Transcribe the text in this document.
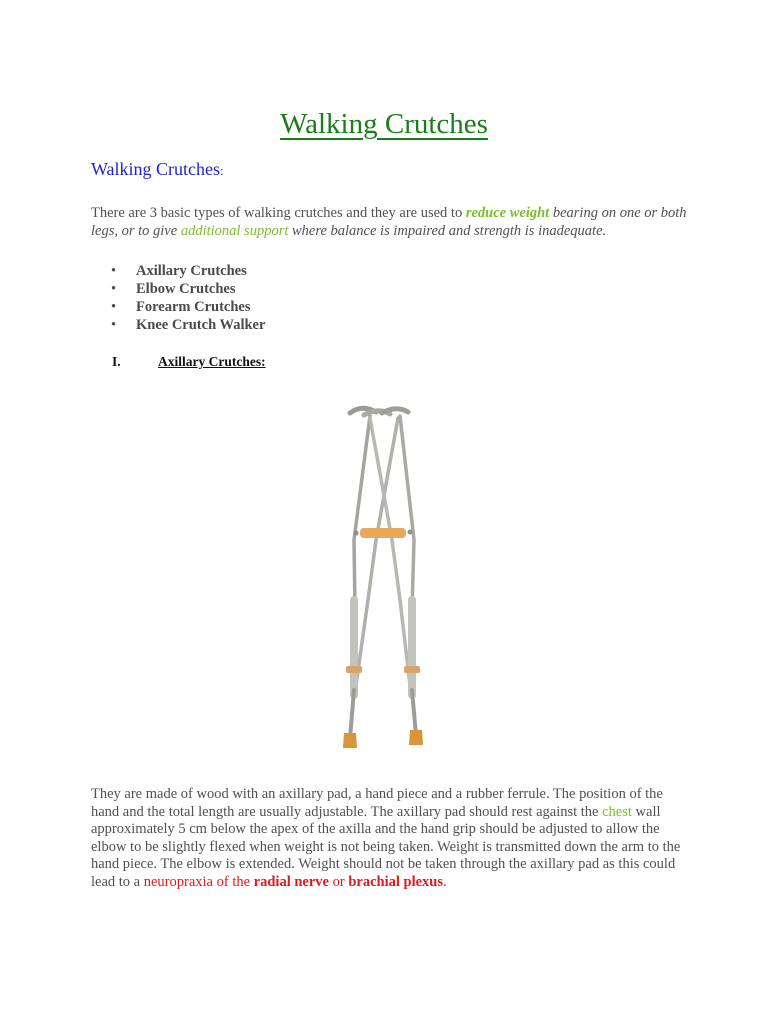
Walking Crutches
Walking Crutches:
There are 3 basic types of walking crutches and they are used to reduce weight bearing on one or both legs, or to give additional support where balance is impaired and strength is inadequate.
• Axillary Crutches
• Elbow Crutches
• Forearm Crutches
• Knee Crutch Walker
I.	Axillary Crutches:
They are made of wood with an axillary pad, a hand piece and a rubber ferrule. The position of the hand and the total length are usually adjustable. The axillary pad should rest against the chest wall approximately 5 cm below the apex of the axilla and the hand grip should be adjusted to allow the elbow to be slightly flexed when weight is not being taken. Weight is transmitted down the arm to the hand piece. The elbow is extended. Weight should not be taken through the axillary pad as this could lead to a neuropraxia of the radial nerve or brachial plexus.
